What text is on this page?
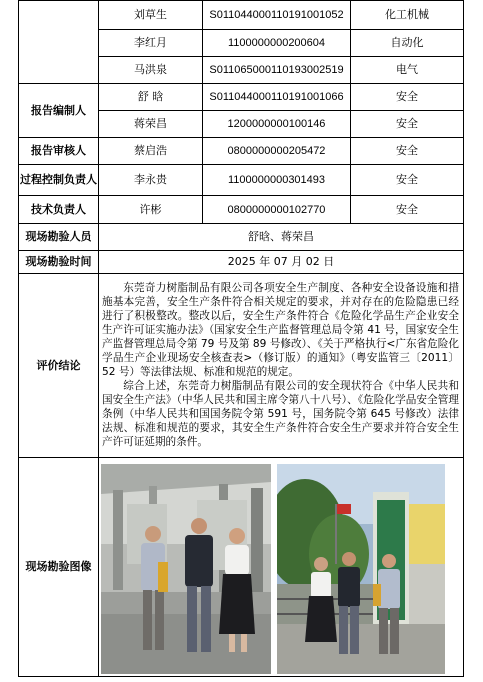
	刘草生	S011044000110191001052	化工机械
	李红月	1100000000200604	自动化
	马洪泉	S011065000110193002519	电气
报告编制人	舒 晗	S011044000110191001066	安全
	蒋荣昌	1200000000100146	安全
报告审核人	蔡启浩	0800000000205472	安全
过程控制负责人	李永贵	1100000000301493	安全
技术负责人	许彬	0800000000102770	安全
现场勘验人员	舒晗、蒋荣昌		
现场勘验时间	2025 年 07 月 02 日		
评价结论	东莞奇力树脂制品有限公司各项安全生产制度、各种安全设备设施和措施基本完善，安全生产条件符合相关规定的要求，并对存在的危险隐患已经进行了积极整改。整改以后，安全生产条件符合《危险化学品生产企业安全生产许可证实施办法》（国家安全生产监督管理总局令第 41 号，国家安全生产监督管理总局令第 79 号及第 89 号修改）、《关于严格执行<广东省危险化学品生产企业现场安全核查表>（修订版）的通知》（粤安监管三〔2011〕52 号）等法律法规、标准和规范的规定。

综合上述，东莞奇力树脂制品有限公司的安全现状符合《中华人民共和国安全生产法》（中华人民共和国主席令第八十八号）、《危险化学品安全管理条例（中华人民共和国国务院令第 591 号，国务院令第 645 号修改）法律法规、标准和规范的要求，其安全生产条件符合安全生产要求并符合安全生产许可证延期的条件。		

现场勘验图像	
